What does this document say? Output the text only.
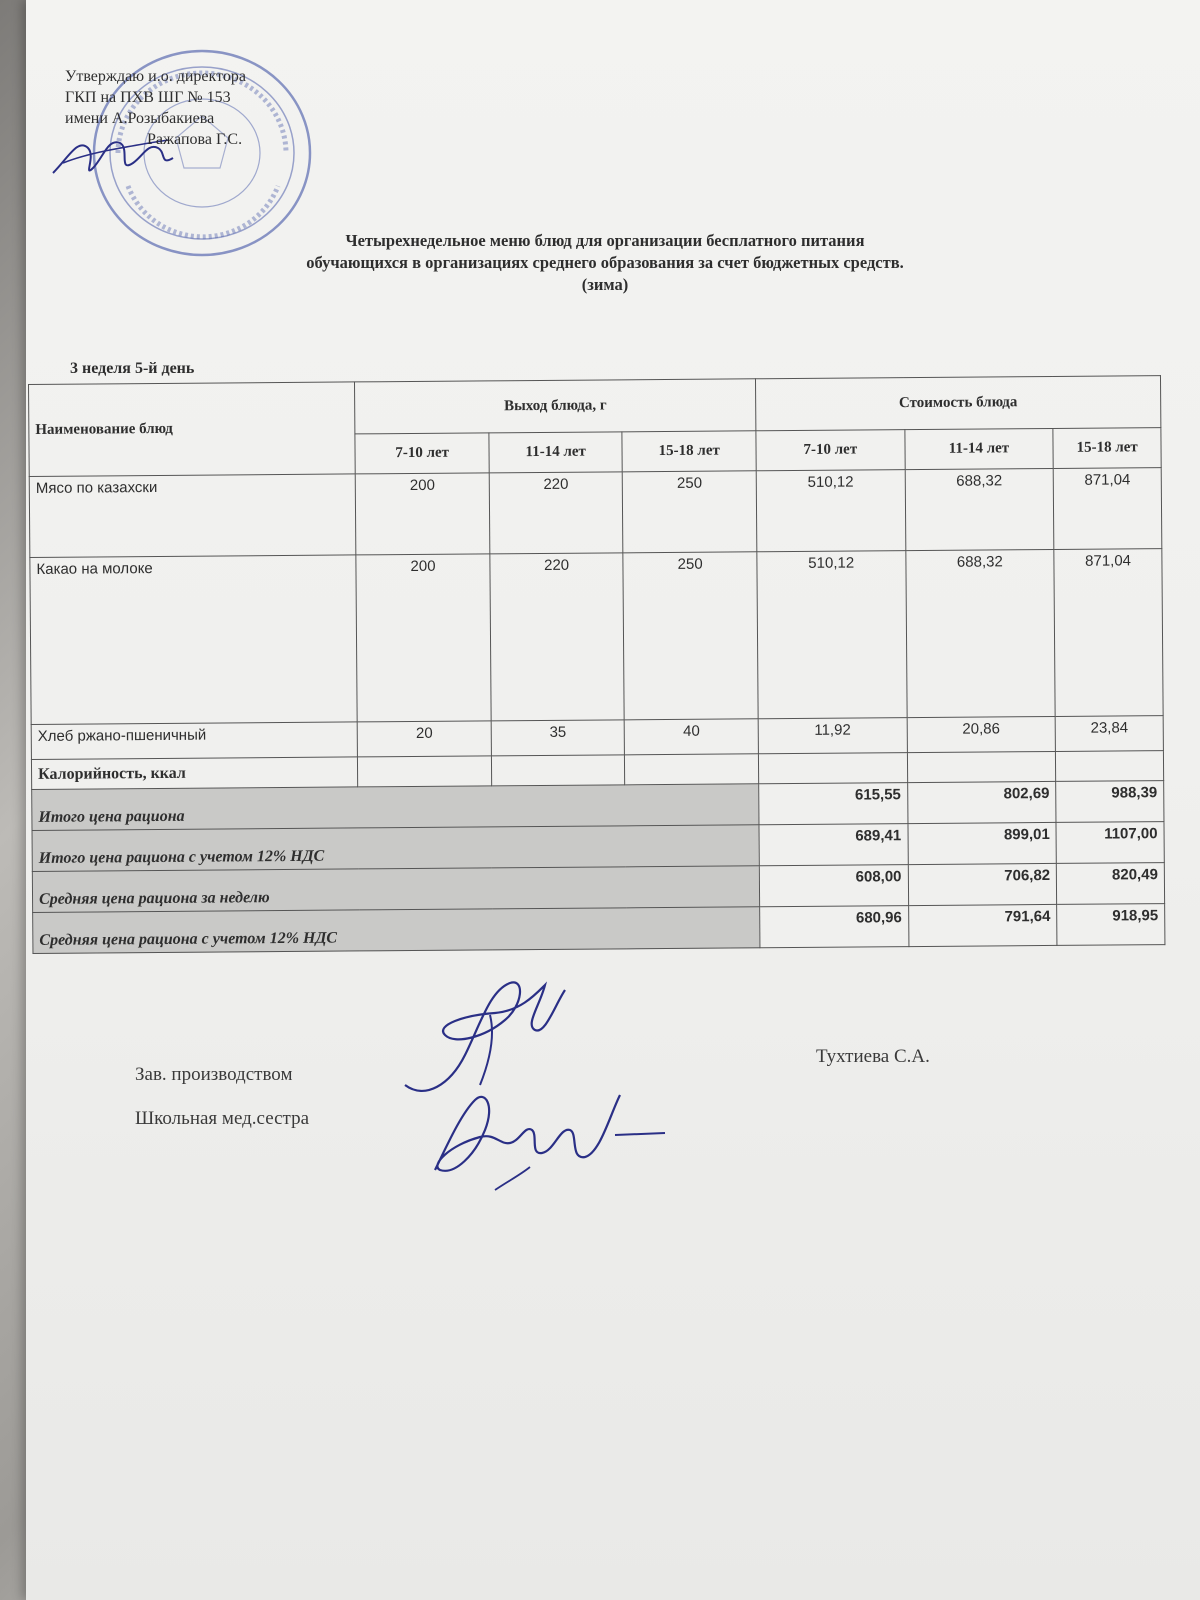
Утверждаю и.о. директора
ГКП на ПХВ ШГ № 153
имени А.Розыбакиева
Ражапова Г.С.
Четырехнедельное меню блюд для организации бесплатного питания
обучающихся в организациях среднего образования за счет бюджетных средств.
(зима)
3 неделя 5-й день
Наименование блюд	Выход блюда, г			Стоимость блюда		
	7-10 лет	11-14 лет	15-18 лет	7-10 лет	11-14 лет	15-18 лет
Мясо по казахски	200	220	250	510,12	688,32	871,04
Какао на молоке	200	220	250	510,12	688,32	871,04
Хлеб ржано-пшеничный	20	35	40	11,92	20,86	23,84
Калорийность, ккал						
Итого цена рациона				615,55	802,69	988,39
Итого цена рациона с учетом 12% НДС				689,41	899,01	1107,00
Средняя цена рациона за неделю				608,00	706,82	820,49
Средняя цена рациона с учетом 12% НДС				680,96	791,64	918,95
Зав. производством
Школьная мед.сестра
Тухтиева С.А.
